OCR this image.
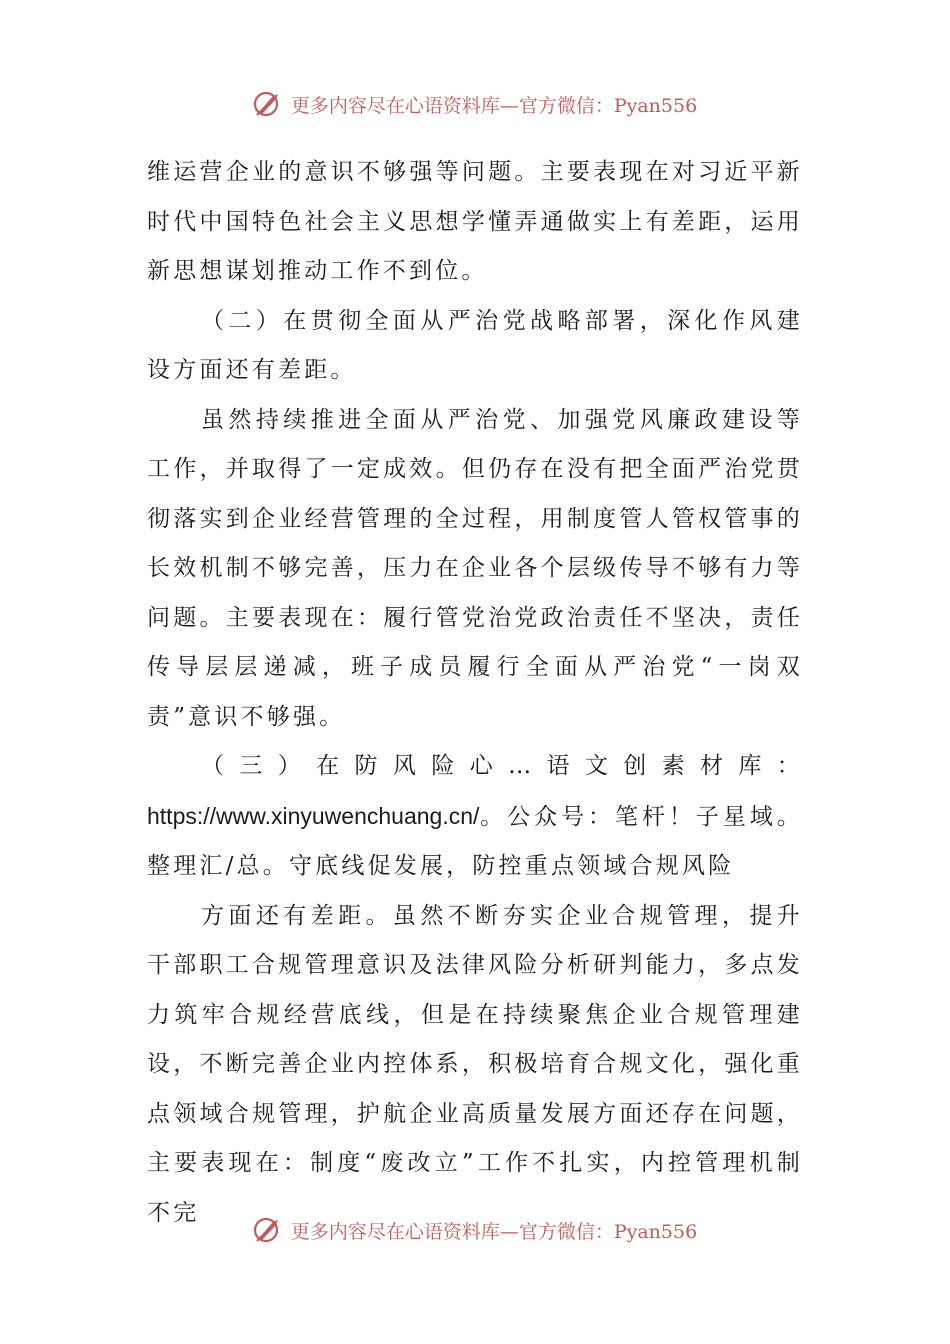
更多内容尽在心语资料库—官方微信：Pyan556

维运营企业的意识不够强等问题。主要表现在对习近平新时代中国特色社会主义思想学懂弄通做实上有差距，运用新思想谋划推动工作不到位。

（二）在贯彻全面从严治党战略部署，深化作风建设方面还有差距。

虽然持续推进全面从严治党、加强党风廉政建设等工作，并取得了一定成效。但仍存在没有把全面严治党贯彻落实到企业经营管理的全过程，用制度管人管权管事的长效机制不够完善，压力在企业各个层级传导不够有力等问题。主要表现在：履行管党治党政治责任不坚决，责任传导层层递减，班子成员履行全面从严治党“一岗双责”意识不够强。

（三）在防风险心…语文创素材库：https://www.xinyuwenchuang.cn/。公众号：笔杆！子星域。整理汇/总。守底线促发展，防控重点领域合规风险

方面还有差距。虽然不断夯实企业合规管理，提升干部职工合规管理意识及法律风险分析研判能力，多点发力筑牢合规经营底线，但是在持续聚焦企业合规管理建设，不断完善企业内控体系，积极培育合规文化，强化重点领域合规管理，护航企业高质量发展方面还存在问题，主要表现在：制度“废改立”工作不扎实，内控管理机制不完

更多内容尽在心语资料库—官方微信：Pyan556
